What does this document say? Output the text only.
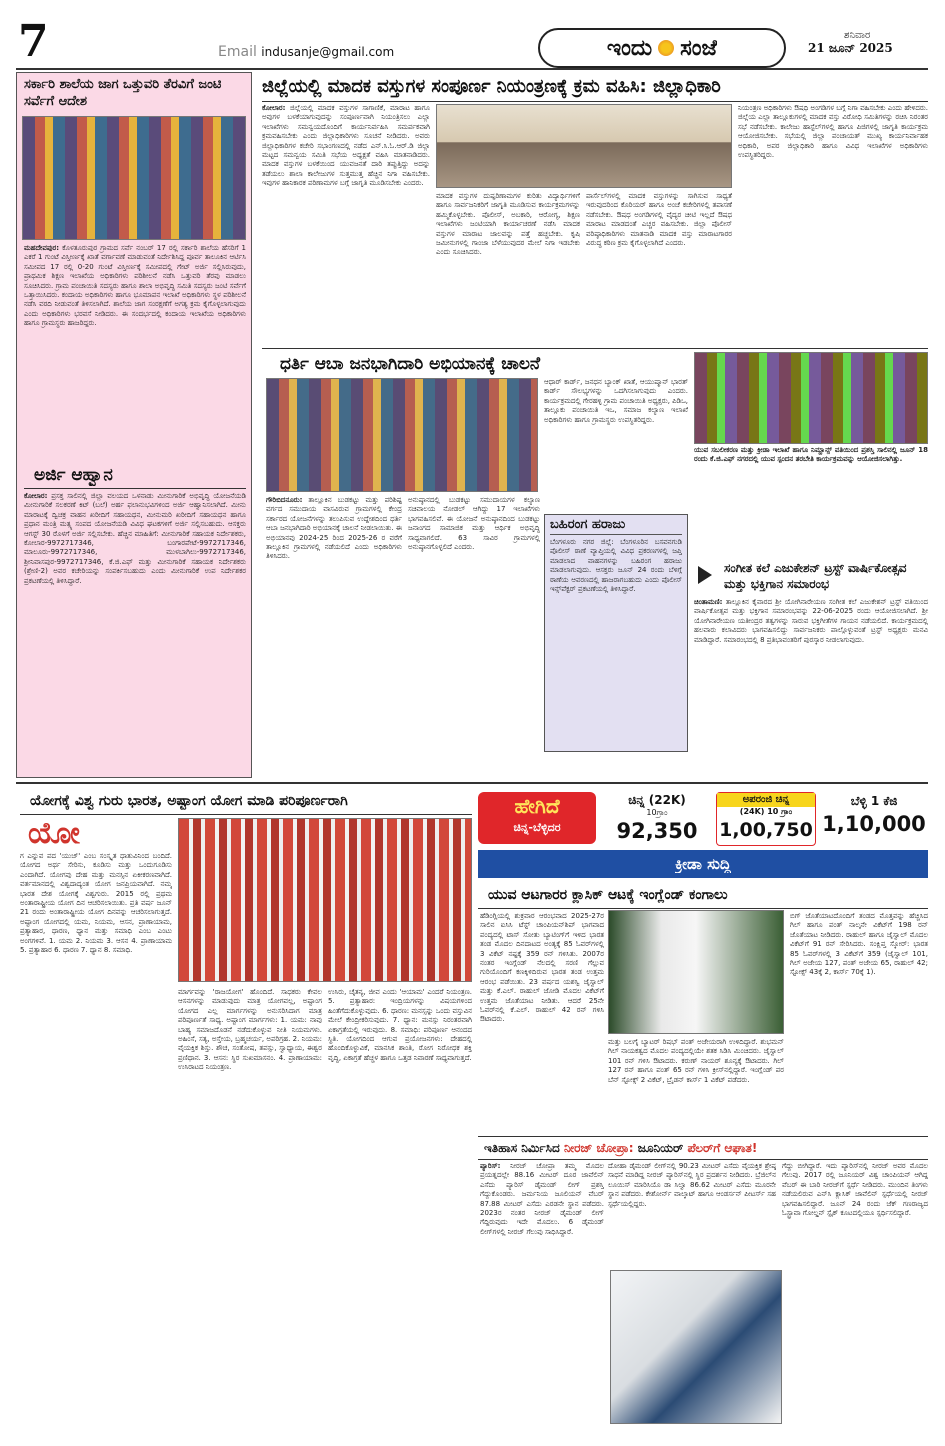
7	Email indusanje@gmail.com	ಇಂದು ಸಂಜೆ	ಶನಿವಾರ
21 ಜೂನ್ 2025
ಸರ್ಕಾರಿ ಶಾಲೆಯ ಜಾಗ ಒತ್ತುವರಿ ತೆರವಿಗೆ ಜಂಟಿ ಸರ್ವೆಗೆ ಆದೇಶ
ಮಹದೇವಪುರ: ಕೊಳತೂರುಪುರ ಗ್ರಾಮದ ಸರ್ವೆ ನಂಬರ್ 17 ರಲ್ಲಿ ಸರ್ಕಾರಿ ಶಾಲೆಯ ಹೆಸರಿಗೆ 1 ಎಕರೆ 1 ಗುಂಟೆ ವಿಸ್ತೀರ್ಣಕ್ಕೆ ಖಾತೆ ವರ್ಗಾವಣೆ ಮಾಡುವಂತೆ ನಿರ್ದೇಶಿಸಿದ್ದ ಪೂರ್ವ ತಾಲೂಕಿನ ಆರ್ಟಿಸಿ ಸಮೀಪದ 17 ರಲ್ಲಿ 0-20 ಗುಂಟೆ ವಿಸ್ತೀರ್ಣಕ್ಕೆ ಸಮೀಪದಲ್ಲಿ ಗೇಟ್ ಅರ್ಜಿ ಸಲ್ಲಿಸಿರುವುದು, ಪ್ರಾಥಮಿಕ ಶಿಕ್ಷಣ ಇಲಾಖೆಯ ಅಧಿಕಾರಿಗಳು ಪರಿಶೀಲನೆ ನಡೆಸಿ ಒತ್ತುವರಿ ತೆರವು ಮಾಡಲು ಸೂಚಿಸಿದರು. ಗ್ರಾಮ ಪಂಚಾಯಿತಿ ಸದಸ್ಯರು ಹಾಗೂ ಶಾಲಾ ಅಭಿವೃದ್ಧಿ ಸಮಿತಿ ಸದಸ್ಯರು ಜಂಟಿ ಸರ್ವೆಗೆ ಒತ್ತಾಯಿಸಿದರು. ಕಂದಾಯ ಅಧಿಕಾರಿಗಳು ಹಾಗೂ ಭೂಮಾಪನ ಇಲಾಖೆ ಅಧಿಕಾರಿಗಳು ಸ್ಥಳ ಪರಿಶೀಲನೆ ನಡೆಸಿ ವರದಿ ನೀಡುವಂತೆ ತಿಳಿಸಲಾಗಿದೆ. ಶಾಲೆಯ ಜಾಗ ಸಂರಕ್ಷಣೆಗೆ ಅಗತ್ಯ ಕ್ರಮ ಕೈಗೊಳ್ಳಲಾಗುವುದು ಎಂದು ಅಧಿಕಾರಿಗಳು ಭರವಸೆ ನೀಡಿದರು. ಈ ಸಂದರ್ಭದಲ್ಲಿ ಕಂದಾಯ ಇಲಾಖೆಯ ಅಧಿಕಾರಿಗಳು ಹಾಗೂ ಗ್ರಾಮಸ್ಥರು ಹಾಜರಿದ್ದರು.
ಅರ್ಜಿ ಆಹ್ವಾನ
ಕೋಲಾರ: ಪ್ರಸಕ್ತ ಸಾಲಿನಲ್ಲಿ ಜಿಲ್ಲಾ ವಲಯದ ಒಳನಾಡು ಮೀನುಗಾರಿಕೆ ಅಭಿವೃದ್ಧಿ ಯೋಜನೆಯಡಿ ಮೀನುಗಾರಿಕೆ ಸಲಕರಣೆ ಕಿಟ್ (ಬಲೆ) ಅರ್ಹ ಫಲಾನುಭವಿಗಳಿಂದ ಅರ್ಜಿ ಆಹ್ವಾನಿಸಲಾಗಿದೆ. ಮೀನು ಮಾರಾಟಕ್ಕೆ ದ್ವಿಚಕ್ರ ವಾಹನ ಖರೀದಿಗೆ ಸಹಾಯಧನ, ಮೀನುಮರಿ ಖರೀದಿಗೆ ಸಹಾಯಧನ ಹಾಗೂ ಪ್ರಧಾನ ಮಂತ್ರಿ ಮತ್ಸ್ಯ ಸಂಪದ ಯೋಜನೆಯಡಿ ವಿವಿಧ ಘಟಕಗಳಿಗೆ ಅರ್ಜಿ ಸಲ್ಲಿಸಬಹುದು. ಆಸಕ್ತರು ಆಗಸ್ಟ್ 30 ರೊಳಗೆ ಅರ್ಜಿ ಸಲ್ಲಿಸಬೇಕು. ಹೆಚ್ಚಿನ ಮಾಹಿತಿಗೆ: ಮೀನುಗಾರಿಕೆ ಸಹಾಯಕ ನಿರ್ದೇಶಕರು, ಕೋಲಾರ-9972717346, ಬಂಗಾರಪೇಟೆ-9972717346, ಮಾಲೂರು-9972717346, ಮುಳಬಾಗಿಲು-9972717346, ಶ್ರೀನಿವಾಸಪುರ-9972717346, ಕೆ.ಜಿ.ಎಫ್ ಮತ್ತು ಮೀನುಗಾರಿಕೆ ಸಹಾಯಕ ನಿರ್ದೇಶಕರು (ಶ್ರೇಣಿ-2) ಅವರ ಕಚೇರಿಯನ್ನು ಸಂಪರ್ಕಿಸಬಹುದು ಎಂದು ಮೀನುಗಾರಿಕೆ ಉಪ ನಿರ್ದೇಶಕರ ಪ್ರಕಟಣೆಯಲ್ಲಿ ತಿಳಿಸಿದ್ದಾರೆ.
ಜಿಲ್ಲೆಯಲ್ಲಿ ಮಾದಕ ವಸ್ತುಗಳ ಸಂಪೂರ್ಣ ನಿಯಂತ್ರಣಕ್ಕೆ ಕ್ರಮ ವಹಿಸಿ: ಜಿಲ್ಲಾಧಿಕಾರಿ
ಕೋಲಾರ: ಜಿಲ್ಲೆಯಲ್ಲಿ ಮಾದಕ ವಸ್ತುಗಳ ಸಾಗಾಣಿಕೆ, ಮಾರಾಟ ಹಾಗೂ ಅವುಗಳ ಬಳಕೆಯಾಗುವುದನ್ನು ಸಂಪೂರ್ಣವಾಗಿ ನಿಯಂತ್ರಿಸಲು ಎಲ್ಲಾ ಇಲಾಖೆಗಳು ಸಮನ್ವಯದೊಂದಿಗೆ ಕಾರ್ಯನಿರ್ವಹಿಸಿ ಸಮರ್ಪಕವಾಗಿ ಕ್ರಮವಹಿಸಬೇಕು ಎಂದು ಜಿಲ್ಲಾಧಿಕಾರಿಗಳು ಸೂಚನೆ ನೀಡಿದರು. ಅವರು ಜಿಲ್ಲಾಧಿಕಾರಿಗಳ ಕಚೇರಿ ಸಭಾಂಗಣದಲ್ಲಿ ನಡೆದ ಎನ್.ಸಿ.ಓ.ಆರ್.ಡಿ ಜಿಲ್ಲಾ ಮಟ್ಟದ ಸಮನ್ವಯ ಸಮಿತಿ ಸಭೆಯ ಅಧ್ಯಕ್ಷತೆ ವಹಿಸಿ ಮಾತನಾಡಿದರು. ಮಾದಕ ವಸ್ತುಗಳ ಬಳಕೆಯಿಂದ ಯುವಜನತೆ ದಾರಿ ತಪ್ಪುತ್ತಿದ್ದು ಅದನ್ನು ತಡೆಯಲು ಶಾಲಾ ಕಾಲೇಜುಗಳ ಸುತ್ತಮುತ್ತ ಹೆಚ್ಚಿನ ನಿಗಾ ವಹಿಸಬೇಕು. ಇವುಗಳ ಹಾನಿಕಾರಕ ಪರಿಣಾಮಗಳ ಬಗ್ಗೆ ಜಾಗೃತಿ ಮೂಡಿಸಬೇಕು ಎಂದರು.
ಮಾದಕ ವಸ್ತುಗಳ ದುಷ್ಪರಿಣಾಮಗಳ ಕುರಿತು ವಿದ್ಯಾರ್ಥಿಗಳಿಗೆ ಹಾಗೂ ಸಾರ್ವಜನಿಕರಿಗೆ ಜಾಗೃತಿ ಮೂಡಿಸುವ ಕಾರ್ಯಕ್ರಮಗಳನ್ನು ಹಮ್ಮಿಕೊಳ್ಳಬೇಕು. ಪೊಲೀಸ್, ಅಬಕಾರಿ, ಆರೋಗ್ಯ, ಶಿಕ್ಷಣ ಇಲಾಖೆಗಳು ಜಂಟಿಯಾಗಿ ಕಾರ್ಯಾಚರಣೆ ನಡೆಸಿ ಮಾದಕ ವಸ್ತುಗಳ ಮಾರಾಟ ಜಾಲವನ್ನು ಪತ್ತೆ ಹಚ್ಚಬೇಕು. ಕೃಷಿ ಜಮೀನುಗಳಲ್ಲಿ ಗಾಂಜಾ ಬೆಳೆಯುವುದರ ಮೇಲೆ ನಿಗಾ ಇಡಬೇಕು ಎಂದು ಸೂಚಿಸಿದರು.
ಪಾರ್ಸೆಲ್‌ಗಳಲ್ಲಿ ಮಾದಕ ವಸ್ತುಗಳನ್ನು ಸಾಗಿಸುವ ಸಾಧ್ಯತೆ ಇರುವುದರಿಂದ ಕೊರಿಯರ್ ಹಾಗೂ ಅಂಚೆ ಕಚೇರಿಗಳಲ್ಲಿ ತಪಾಸಣೆ ನಡೆಸಬೇಕು. ಔಷಧ ಅಂಗಡಿಗಳಲ್ಲಿ ವೈದ್ಯರ ಚೀಟಿ ಇಲ್ಲದೆ ಔಷಧ ಮಾರಾಟ ಮಾಡದಂತೆ ಎಚ್ಚರ ವಹಿಸಬೇಕು. ಜಿಲ್ಲಾ ಪೊಲೀಸ್ ವರಿಷ್ಠಾಧಿಕಾರಿಗಳು ಮಾತನಾಡಿ ಮಾದಕ ವಸ್ತು ಮಾರಾಟಗಾರರ ವಿರುದ್ಧ ಕಠಿಣ ಕ್ರಮ ಕೈಗೊಳ್ಳಲಾಗಿದೆ ಎಂದರು.
ನಿಯಂತ್ರಣ ಅಧಿಕಾರಿಗಳು ಔಷಧಿ ಅಂಗಡಿಗಳ ಬಗ್ಗೆ ನಿಗಾ ವಹಿಸಬೇಕು ಎಂದು ಹೇಳಿದರು. ಜಿಲ್ಲೆಯ ಎಲ್ಲಾ ತಾಲ್ಲೂಕುಗಳಲ್ಲಿ ಮಾದಕ ವಸ್ತು ವಿರೋಧಿ ಸಮಿತಿಗಳನ್ನು ರಚಿಸಿ ನಿರಂತರ ಸಭೆ ನಡೆಸಬೇಕು. ಕಾಲೇಜು ಹಾಸ್ಟೆಲ್‌ಗಳಲ್ಲಿ ಹಾಗೂ ಪಿಜಿಗಳಲ್ಲಿ ಜಾಗೃತಿ ಕಾರ್ಯಕ್ರಮ ಆಯೋಜಿಸಬೇಕು. ಸಭೆಯಲ್ಲಿ ಜಿಲ್ಲಾ ಪಂಚಾಯತ್ ಮುಖ್ಯ ಕಾರ್ಯನಿರ್ವಾಹಕ ಅಧಿಕಾರಿ, ಅಪರ ಜಿಲ್ಲಾಧಿಕಾರಿ ಹಾಗೂ ವಿವಿಧ ಇಲಾಖೆಗಳ ಅಧಿಕಾರಿಗಳು ಉಪಸ್ಥಿತರಿದ್ದರು.
ಧರ್ತಿ ಆಬಾ ಜನಭಾಗಿದಾರಿ ಅಭಿಯಾನಕ್ಕೆ ಚಾಲನೆ
ಆಧಾರ್ ಕಾರ್ಡ್, ಜನಧನ ಬ್ಯಾಂಕ್ ಖಾತೆ, ಆಯುಷ್ಮಾನ್ ಭಾರತ್ ಕಾರ್ಡ್ ಸೌಲಭ್ಯಗಳನ್ನು ಒದಗಿಸಲಾಗುವುದು ಎಂದರು. ಕಾರ್ಯಕ್ರಮದಲ್ಲಿ ಗೇರಹಳ್ಳಿ ಗ್ರಾಮ ಪಂಚಾಯಿತಿ ಅಧ್ಯಕ್ಷರು, ಪಿಡಿಒ, ತಾಲ್ಲೂಕು ಪಂಚಾಯಿತಿ ಇಒ, ಸಮಾಜ ಕಲ್ಯಾಣ ಇಲಾಖೆ ಅಧಿಕಾರಿಗಳು ಹಾಗೂ ಗ್ರಾಮಸ್ಥರು ಉಪಸ್ಥಿತರಿದ್ದರು.
ಗೌರಿಬಿದನೂರು: ತಾಲ್ಲೂಕಿನ ಬುಡಕಟ್ಟು ಮತ್ತು ಪರಿಶಿಷ್ಟ ವರ್ಗದ ಸಮುದಾಯ ವಾಸವಿರುವ ಗ್ರಾಮಗಳಲ್ಲಿ ಕೇಂದ್ರ ಸರ್ಕಾರದ ಯೋಜನೆಗಳನ್ನು ತಲುಪಿಸುವ ಉದ್ದೇಶದಿಂದ ಧರ್ತಿ ಆಬಾ ಜನಭಾಗಿದಾರಿ ಅಭಿಯಾನಕ್ಕೆ ಚಾಲನೆ ನೀಡಲಾಯಿತು. ಈ ಅಭಿಯಾನವು 2024-25 ರಿಂದ 2025-26 ರ ವರೆಗೆ ತಾಲ್ಲೂಕಿನ ಗ್ರಾಮಗಳಲ್ಲಿ ನಡೆಯಲಿದೆ ಎಂದು ಅಧಿಕಾರಿಗಳು ತಿಳಿಸಿದರು.
ಅನುಷ್ಠಾನದಲ್ಲಿ ಬುಡಕಟ್ಟು ಸಮುದಾಯಗಳ ಕಲ್ಯಾಣ ಸಚಿವಾಲಯ ನೋಡಲ್ ಆಗಿದ್ದು 17 ಇಲಾಖೆಗಳು ಭಾಗವಹಿಸಲಿವೆ. ಈ ಯೋಜನೆ ಅನುಷ್ಠಾನದಿಂದ ಬುಡಕಟ್ಟು ಜನಾಂಗದ ಸಾಮಾಜಿಕ ಮತ್ತು ಆರ್ಥಿಕ ಅಭಿವೃದ್ಧಿ ಸಾಧ್ಯವಾಗಲಿದೆ. 63 ಸಾವಿರ ಗ್ರಾಮಗಳಲ್ಲಿ ಅನುಷ್ಠಾನಗೊಳ್ಳಲಿದೆ ಎಂದರು.
ಬಹಿರಂಗ ಹರಾಜು
ಬೆಂಗಳೂರು ನಗರ ಜಿಲ್ಲೆ: ಬೆಂಗಳೂರಿನ ಬಸವನಗುಡಿ ಪೊಲೀಸ್ ಠಾಣೆ ವ್ಯಾಪ್ತಿಯಲ್ಲಿ ವಿವಿಧ ಪ್ರಕರಣಗಳಲ್ಲಿ ಜಪ್ತಿ ಮಾಡಲಾದ ವಾಹನಗಳನ್ನು ಬಹಿರಂಗ ಹರಾಜು ಮಾಡಲಾಗುವುದು. ಆಸಕ್ತರು ಜೂನ್ 24 ರಂದು ಬೆಳಿಗ್ಗೆ ಠಾಣೆಯ ಆವರಣದಲ್ಲಿ ಹಾಜರಾಗಬಹುದು ಎಂದು ಪೊಲೀಸ್ ಇನ್ಸ್‌ಪೆಕ್ಟರ್ ಪ್ರಕಟಣೆಯಲ್ಲಿ ತಿಳಿಸಿದ್ದಾರೆ.
ಯುವ ಸಬಲೀಕರಣ ಮತ್ತು ಕ್ರೀಡಾ ಇಲಾಖೆ ಹಾಗೂ ನಿಮ್ಹಾನ್ಸ್ ವತಿಯಿಂದ ಪ್ರಶಸ್ತಿ ಸಾಲಿನಲ್ಲಿ ಜೂನ್ 18 ರಂದು ಕೆ.ಜಿ.ಎಫ್ ನಗರದಲ್ಲಿ ಯುವ ಸ್ಪಂದನ ತರಬೇತಿ ಕಾರ್ಯಕ್ರಮವನ್ನು ಆಯೋಜಿಸಲಾಗಿತ್ತು.
ಸಂಗೀತ ಕಲೆ ಎಜುಕೇಶನ್ ಟ್ರಸ್ಟ್ ವಾರ್ಷಿಕೋತ್ಸವ ಮತ್ತು ಭಕ್ತಿಗಾನ ಸಮಾರಂಭ
ಚಿಂತಾಮಣಿ: ತಾಲ್ಲೂಕಿನ ಕೈವಾರದ ಶ್ರೀ ಯೋಗಿನಾರೇಯಣ ಸಂಗೀತ ಕಲೆ ಎಜುಕೇಶನ್ ಟ್ರಸ್ಟ್ ವತಿಯಿಂದ ವಾರ್ಷಿಕೋತ್ಸವ ಮತ್ತು ಭಕ್ತಿಗಾನ ಸಮಾರಂಭವನ್ನು 22-06-2025 ರಂದು ಆಯೋಜಿಸಲಾಗಿದೆ. ಶ್ರೀ ಯೋಗಿನಾರೇಯಣ ಯತೀಂದ್ರರ ತತ್ವಗಳನ್ನು ಸಾರುವ ಭಕ್ತಿಗೀತೆಗಳ ಗಾಯನ ನಡೆಯಲಿದೆ. ಕಾರ್ಯಕ್ರಮದಲ್ಲಿ ಹಲವಾರು ಕಲಾವಿದರು ಭಾಗವಹಿಸಲಿದ್ದು ಸಾರ್ವಜನಿಕರು ಪಾಲ್ಗೊಳ್ಳುವಂತೆ ಟ್ರಸ್ಟ್ ಅಧ್ಯಕ್ಷರು ಮನವಿ ಮಾಡಿದ್ದಾರೆ. ಸಮಾರಂಭದಲ್ಲಿ 8 ಪ್ರತಿಭಾವಂತರಿಗೆ ಪುರಸ್ಕಾರ ನೀಡಲಾಗುವುದು.
ಯೋಗಕ್ಕೆ ವಿಶ್ವ ಗುರು ಭಾರತ, ಅಷ್ಟಾಂಗ ಯೋಗ ಮಾಡಿ ಪರಿಪೂರ್ಣರಾಗಿ
ಯೋ
ಗ ಎನ್ನುವ ಪದ 'ಯುಜ್' ಎಂಬ ಸಂಸ್ಕೃತ ಧಾತುವಿನಿಂದ ಬಂದಿದೆ. ಯೋಗದ ಅರ್ಥ ಸೇರಿಸು, ಕೂಡಿಸು ಮತ್ತು ಒಂದುಗೂಡಿಸು ಎಂದಾಗಿದೆ. ಯೋಗವು ದೇಹ ಮತ್ತು ಮನಸ್ಸಿನ ಏಕೀಕರಣವಾಗಿದೆ. ವರ್ತಮಾನದಲ್ಲಿ ವಿಶ್ವದಾದ್ಯಂತ ಯೋಗ ಜನಪ್ರಿಯವಾಗಿದೆ. ನಮ್ಮ ಭಾರತ ದೇಶ ಯೋಗಕ್ಕೆ ವಿಶ್ವಗುರು. 2015 ರಲ್ಲಿ ಪ್ರಥಮ ಅಂತಾರಾಷ್ಟ್ರೀಯ ಯೋಗ ದಿನ ಆಚರಿಸಲಾಯಿತು. ಪ್ರತಿ ವರ್ಷ ಜೂನ್ 21 ರಂದು ಅಂತಾರಾಷ್ಟ್ರೀಯ ಯೋಗ ದಿನವನ್ನು ಆಚರಿಸಲಾಗುತ್ತದೆ. ಅಷ್ಟಾಂಗ ಯೋಗದಲ್ಲಿ ಯಮ, ನಿಯಮ, ಆಸನ, ಪ್ರಾಣಾಯಾಮ, ಪ್ರತ್ಯಾಹಾರ, ಧಾರಣ, ಧ್ಯಾನ ಮತ್ತು ಸಮಾಧಿ ಎಂಬ ಎಂಟು ಅಂಗಗಳಿವೆ. 1. ಯಮ 2. ನಿಯಮ 3. ಆಸನ 4. ಪ್ರಾಣಾಯಾಮ 5. ಪ್ರತ್ಯಾಹಾರ 6. ಧಾರಣ 7. ಧ್ಯಾನ 8. ಸಮಾಧಿ.
ಮಾರ್ಗವನ್ನು 'ರಾಜಯೋಗ' ಹೊಂದಿದೆ. ಸಾಧಕರು ಕೇವಲ ಆಸನಗಳನ್ನು ಮಾಡುವುದು ಮಾತ್ರ ಯೋಗವಲ್ಲ, ಅಷ್ಟಾಂಗ ಯೋಗದ ಎಲ್ಲ ಮಾರ್ಗಗಳನ್ನು ಅನುಸರಿಸಿದಾಗ ಮಾತ್ರ ಪರಿಪೂರ್ಣತೆ ಸಾಧ್ಯ. ಅಷ್ಟಾಂಗ ಮಾರ್ಗಗಳು: 1. ಯಮ: ನಾವು ಬಾಹ್ಯ ಸಮಾಜದೊಡನೆ ನಡೆದುಕೊಳ್ಳುವ ನೀತಿ ನಿಯಮಗಳು. ಅಹಿಂಸೆ, ಸತ್ಯ, ಅಸ್ತೇಯ, ಬ್ರಹ್ಮಚರ್ಯ, ಅಪರಿಗ್ರಹ. 2. ನಿಯಮ: ವೈಯಕ್ತಿಕ ಶಿಸ್ತು. ಶೌಚ, ಸಂತೋಷ, ತಪಸ್ಸು, ಸ್ವಾಧ್ಯಾಯ, ಈಶ್ವರ ಪ್ರಣಿಧಾನ. 3. ಆಸನ: ಸ್ಥಿರ ಸುಖಮಾಸನಂ. 4. ಪ್ರಾಣಾಯಾಮ: ಉಸಿರಾಟದ ನಿಯಂತ್ರಣ.
ಉಸಿರು, ಚೈತನ್ಯ, ಜೀವ ಎಂದು 'ಆಯಾಮ' ಎಂದರೆ ನಿಯಂತ್ರಣ. 5. ಪ್ರತ್ಯಾಹಾರ: ಇಂದ್ರಿಯಗಳನ್ನು ವಿಷಯಗಳಿಂದ ಹಿಂತೆಗೆದುಕೊಳ್ಳುವುದು. 6. ಧಾರಣ: ಮನಸ್ಸನ್ನು ಒಂದು ವಸ್ತುವಿನ ಮೇಲೆ ಕೇಂದ್ರೀಕರಿಸುವುದು. 7. ಧ್ಯಾನ: ಮನಸ್ಸು ನಿರಂತರವಾಗಿ ಏಕಾಗ್ರತೆಯಲ್ಲಿ ಇರುವುದು. 8. ಸಮಾಧಿ: ಪರಿಪೂರ್ಣ ಆನಂದದ ಸ್ಥಿತಿ. ಯೋಗದಿಂದ ಆಗುವ ಪ್ರಯೋಜನಗಳು: ದೇಹದಲ್ಲಿ ಹೊಂದಿಕೊಳ್ಳುವಿಕೆ, ಮಾನಸಿಕ ಶಾಂತಿ, ರೋಗ ನಿರೋಧಕ ಶಕ್ತಿ ವೃದ್ಧಿ, ಏಕಾಗ್ರತೆ ಹೆಚ್ಚಳ ಹಾಗೂ ಒತ್ತಡ ನಿವಾರಣೆ ಸಾಧ್ಯವಾಗುತ್ತದೆ.
ಹೇಗಿದೆ
ಚಿನ್ನ-ಬೆಳ್ಳಿದರ
ಚಿನ್ನ (22K)
10ಗ್ರಾಂ
92,350
ಅಪರಂಜಿ ಚಿನ್ನ
(24K) 10 ಗ್ರಾಂ
1,00,750
ಬೆಳ್ಳಿ 1 ಕೆಜಿ
1,10,000
ಕ್ರೀಡಾ ಸುದ್ದಿ
ಯುವ ಆಟಗಾರರ ಕ್ಲಾಸಿಕ್ ಆಟಕ್ಕೆ ಇಂಗ್ಲೆಂಡ್ ಕಂಗಾಲು
ಹೆಡಿಂಗ್ಲಿಯಲ್ಲಿ ಶುಕ್ರವಾರ ಆರಂಭವಾದ 2025-27ರ ಸಾಲಿನ ಐಸಿಸಿ ಟೆಸ್ಟ್ ಚಾಂಪಿಯನ್‌ಶಿಪ್ ಭಾಗವಾದ ಪಂದ್ಯದಲ್ಲಿ ಟಾಸ್ ಸೋತು ಬ್ಯಾಟಿಂಗ್‌ಗೆ ಇಳಿದ ಭಾರತ ತಂಡ ಮೊದಲ ದಿನದಾಟದ ಅಂತ್ಯಕ್ಕೆ 85 ಓವರ್‌ಗಳಲ್ಲಿ 3 ವಿಕೆಟ್ ನಷ್ಟಕ್ಕೆ 359 ರನ್ ಗಳಿಸಿತು. 2007ರ ನಂತರ ಇಂಗ್ಲೆಂಡ್ ನೆಲದಲ್ಲಿ ಸರಣಿ ಗೆಲ್ಲುವ ಗುರಿಯೊಂದಿಗೆ ಕಣಕ್ಕಿಳಿದಿರುವ ಭಾರತ ತಂಡ ಉತ್ತಮ ಆರಂಭ ಪಡೆಯಿತು. 23 ವರ್ಷದ ಯಶಸ್ವಿ ಜೈಸ್ವಾಲ್ ಮತ್ತು ಕೆ.ಎಲ್. ರಾಹುಲ್ ಜೋಡಿ ಮೊದಲ ವಿಕೆಟ್‌ಗೆ ಉತ್ತಮ ಜೊತೆಯಾಟ ನೀಡಿತು. ಆದರೆ 25ನೇ ಓವರ್‌ನಲ್ಲಿ ಕೆ.ಎಲ್. ರಾಹುಲ್ 42 ರನ್ ಗಳಿಸಿ ಔಟಾದರು.
ಮತ್ತು ಬಲಗೈ ಬ್ಯಾಟರ್ ರಿಷಭ್ ಪಂತ್ ಅಜೇಯರಾಗಿ ಉಳಿದಿದ್ದಾರೆ. ಶುಭಮನ್ ಗಿಲ್ ನಾಯಕತ್ವದ ಮೊದಲ ಪಂದ್ಯದಲ್ಲಿಯೇ ಶತಕ ಸಿಡಿಸಿ ಮಿಂಚಿದರು. ಜೈಸ್ವಾಲ್ 101 ರನ್ ಗಳಿಸಿ ಔಟಾದರು. ಕರುಣ್ ನಾಯರ್ ಶೂನ್ಯಕ್ಕೆ ಔಟಾದರು. ಗಿಲ್ 127 ರನ್ ಹಾಗೂ ಪಂತ್ 65 ರನ್ ಗಳಿಸಿ ಕ್ರೀಸ್‌ನಲ್ಲಿದ್ದಾರೆ. ಇಂಗ್ಲೆಂಡ್ ಪರ ಬೆನ್ ಸ್ಟೋಕ್ಸ್ 2 ವಿಕೆಟ್, ಬ್ರೈಡನ್ ಕಾರ್ಸ್ 1 ವಿಕೆಟ್ ಪಡೆದರು.
ಬಿಗ್ ಜೊತೆಯಾಟದೊಂದಿಗೆ ತಂಡದ ಮೊತ್ತವನ್ನು ಹೆಚ್ಚಿಸಿದ ಗಿಲ್ ಹಾಗೂ ಪಂತ್ ನಾಲ್ಕನೇ ವಿಕೆಟ್‌ಗೆ 198 ರನ್ ಜೊತೆಯಾಟ ನೀಡಿದರು. ರಾಹುಲ್ ಹಾಗೂ ಜೈಸ್ವಾಲ್ ಮೊದಲ ವಿಕೆಟ್‌ಗೆ 91 ರನ್ ಸೇರಿಸಿದರು. ಸಂಕ್ಷಿಪ್ತ ಸ್ಕೋರ್: ಭಾರತ 85 ಓವರ್‌ಗಳಲ್ಲಿ 3 ವಿಕೆಟ್‌ಗೆ 359 (ಜೈಸ್ವಾಲ್ 101, ಗಿಲ್ ಅಜೇಯ 127, ಪಂತ್ ಅಜೇಯ 65, ರಾಹುಲ್ 42; ಸ್ಟೋಕ್ಸ್ 43ಕ್ಕೆ 2, ಕಾರ್ಸ್ 70ಕ್ಕೆ 1).
ಇತಿಹಾಸ ನಿರ್ಮಿಸಿದ ನೀರಜ್ ಚೋಪ್ರಾ: ಜೂನಿಯರ್ ಪೆಲರ್‌ಗೆ ಆಘಾತ!
ಪ್ಯಾರಿಸ್: ನೀರಜ್ ಚೋಪ್ರಾ ತಮ್ಮ ಮೊದಲ ಪ್ರಯತ್ನದಲ್ಲೇ 88.16 ಮೀಟರ್ ದೂರ ಜಾವೆಲಿನ್ ಎಸೆದು ಪ್ಯಾರಿಸ್ ಡೈಮಂಡ್ ಲೀಗ್ ಪ್ರಶಸ್ತಿ ಗೆದ್ದುಕೊಂಡರು. ಜರ್ಮನಿಯ ಜೂಲಿಯನ್ ವೆಬರ್ 87.88 ಮೀಟರ್ ಎಸೆದು ಎರಡನೇ ಸ್ಥಾನ ಪಡೆದರು. 2023ರ ನಂತರ ನೀರಜ್ ಡೈಮಂಡ್ ಲೀಗ್ ಗೆದ್ದಿರುವುದು ಇದೇ ಮೊದಲು. 6 ಡೈಮಂಡ್ ಲೀಗ್‌ಗಳಲ್ಲಿ ನೀರಜ್ ಗೆಲುವು ಸಾಧಿಸಿದ್ದಾರೆ.
ದೋಹಾ ಡೈಮಂಡ್ ಲೀಗ್‌ನಲ್ಲಿ 90.23 ಮೀಟರ್ ಎಸೆದು ವೈಯಕ್ತಿಕ ಶ್ರೇಷ್ಠ ಸಾಧನೆ ಮಾಡಿದ್ದ ನೀರಜ್ ಪ್ಯಾರಿಸ್‌ನಲ್ಲಿ ಸ್ಥಿರ ಪ್ರದರ್ಶನ ನೀಡಿದರು. ಬ್ರೆಜಿಲ್‌ನ ಲೂಯಿಸ್ ಮಾರಿಸಿಯೊ ಡಾ ಸಿಲ್ವಾ 86.62 ಮೀಟರ್ ಎಸೆದು ಮೂರನೇ ಸ್ಥಾನ ಪಡೆದರು. ಕೇಶೋರ್ನ್ ವಾಲ್ಕಾಟ್ ಹಾಗೂ ಆಂಡರ್ಸನ್ ಪೀಟರ್ಸ್ ಸಹ ಸ್ಪರ್ಧೆಯಲ್ಲಿದ್ದರು.
ಗೆದ್ದು ಬೀಗಿದ್ದಾರೆ. ಇದು ಪ್ಯಾರಿಸ್‌ನಲ್ಲಿ ನೀರಜ್ ಅವರ ಮೊದಲ ಗೆಲುವು. 2017 ರಲ್ಲಿ ಜೂನಿಯರ್ ವಿಶ್ವ ಚಾಂಪಿಯನ್ ಆಗಿದ್ದ ವೆಬರ್ ಈ ಬಾರಿ ನೀರಜ್‌ಗೆ ಸ್ಪರ್ಧೆ ನೀಡಿದರು. ಮುಂದಿನ ತಿಂಗಳು ನಡೆಯಲಿರುವ ಎನ್‌ಸಿ ಕ್ಲಾಸಿಕ್ ಜಾವೆಲಿನ್ ಸ್ಪರ್ಧೆಯಲ್ಲಿ ನೀರಜ್ ಭಾಗವಹಿಸಲಿದ್ದಾರೆ. ಜೂನ್ 24 ರಂದು ಜೆಕ್ ಗಣರಾಜ್ಯದ ಓಸ್ಟ್ರಾವಾ ಗೋಲ್ಡನ್ ಸ್ಪೈಕ್ ಕೂಟದಲ್ಲಿಯೂ ಸ್ಪರ್ಧಿಸಲಿದ್ದಾರೆ.
